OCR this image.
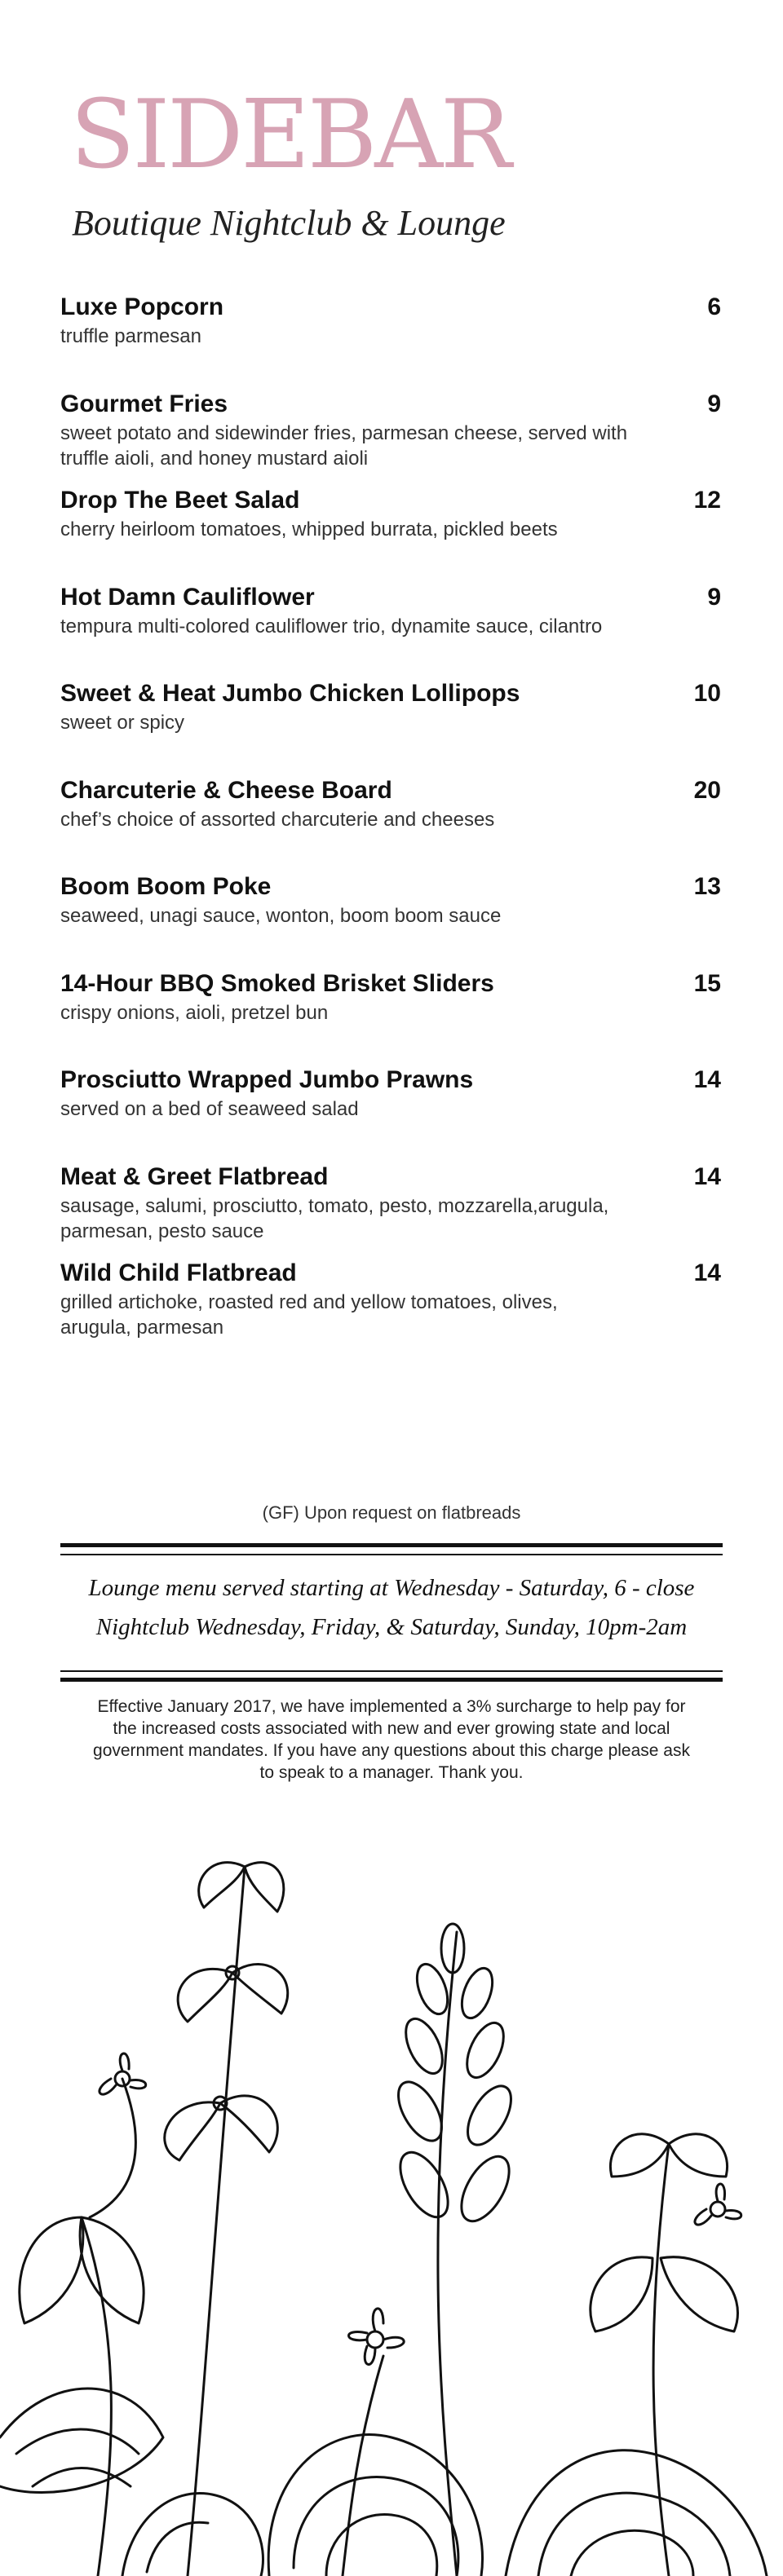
SIDEBAR
Boutique Nightclub & Lounge
Luxe Popcorn	6
truffle parmesan
Gourmet Fries	9
sweet potato and sidewinder fries, parmesan cheese, served with truffle aioli, and honey mustard aioli
Drop The Beet Salad	12
cherry heirloom tomatoes, whipped burrata, pickled beets
Hot Damn Cauliflower	9
tempura multi-colored cauliflower trio, dynamite sauce, cilantro
Sweet & Heat Jumbo Chicken Lollipops	10
sweet or spicy
Charcuterie & Cheese Board	20
chef’s choice of assorted charcuterie and cheeses
Boom Boom Poke	13
seaweed, unagi sauce, wonton, boom boom sauce
14-Hour BBQ Smoked Brisket Sliders	15
crispy onions, aioli, pretzel bun
Prosciutto Wrapped Jumbo Prawns	14
served on a bed of seaweed salad
Meat & Greet Flatbread	14
sausage, salumi, prosciutto, tomato, pesto, mozzarella,arugula, parmesan, pesto sauce
Wild Child Flatbread	14
grilled artichoke, roasted red and yellow tomatoes, olives, arugula, parmesan
(GF) Upon request on flatbreads
Lounge menu served starting at Wednesday - Saturday, 6 - close
Nightclub Wednesday, Friday, & Saturday, Sunday, 10pm-2am

Effective January 2017, we have implemented a 3% surcharge to help pay for the increased costs associated with new and ever growing state and local government mandates. If you have any questions about this charge please ask to speak to a manager. Thank you.
